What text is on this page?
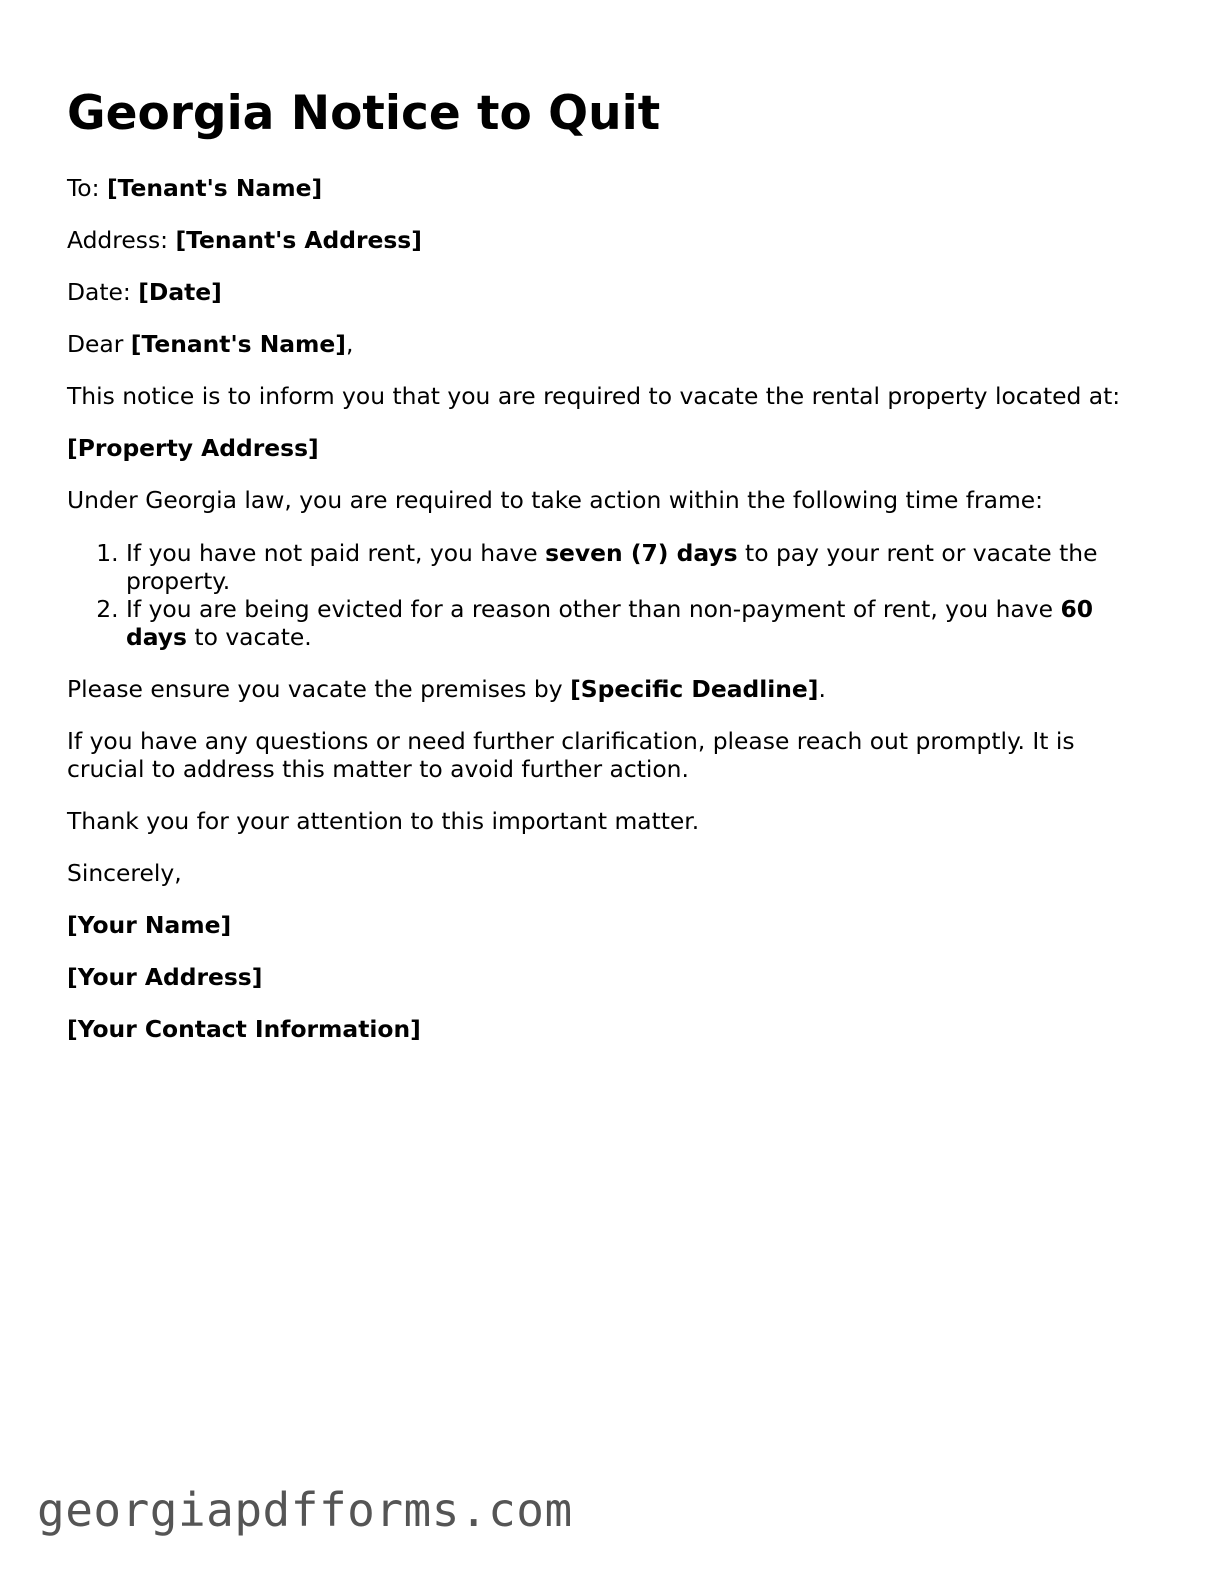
Georgia Notice to Quit

To: [Tenant's Name]

Address: [Tenant's Address]

Date: [Date]

Dear [Tenant's Name],

This notice is to inform you that you are required to vacate the rental property located at:

[Property Address]

Under Georgia law, you are required to take action within the following time frame:

1. If you have not paid rent, you have seven (7) days to pay your rent or vacate the property.
2. If you are being evicted for a reason other than non-payment of rent, you have 60 days to vacate.

Please ensure you vacate the premises by [Specific Deadline].

If you have any questions or need further clarification, please reach out promptly. It is crucial to address this matter to avoid further action.

Thank you for your attention to this important matter.

Sincerely,

[Your Name]

[Your Address]

[Your Contact Information]

georgiapdfforms.com
